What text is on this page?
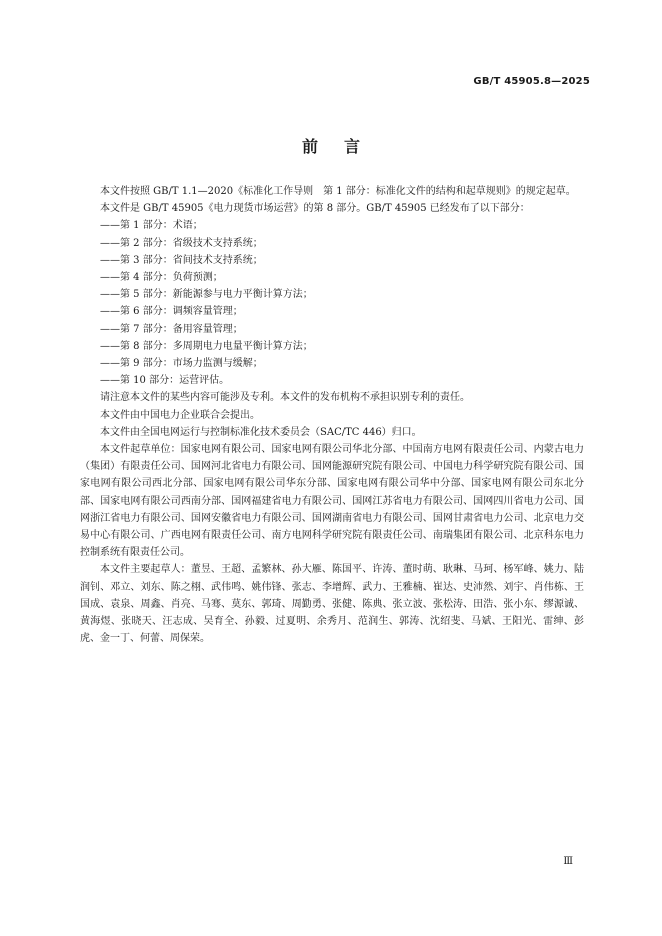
GB/T 45905.8—2025
前言

本文件按照 GB/T 1.1—2020《标准化工作导则　第 1 部分：标准化文件的结构和起草规则》的规定起草。

本文件是 GB/T 45905《电力现货市场运营》的第 8 部分。GB/T 45905 已经发布了以下部分：

——第 1 部分：术语；
——第 2 部分：省级技术支持系统；
——第 3 部分：省间技术支持系统；
——第 4 部分：负荷预测；
——第 5 部分：新能源参与电力平衡计算方法；
——第 6 部分：调频容量管理；
——第 7 部分：备用容量管理；
——第 8 部分：多周期电力电量平衡计算方法；
——第 9 部分：市场力监测与缓解；
——第 10 部分：运营评估。

请注意本文件的某些内容可能涉及专利。本文件的发布机构不承担识别专利的责任。

本文件由中国电力企业联合会提出。

本文件由全国电网运行与控制标准化技术委员会（SAC/TC 446）归口。

本文件起草单位：国家电网有限公司、国家电网有限公司华北分部、中国南方电网有限责任公司、内蒙古电力（集团）有限责任公司、国网河北省电力有限公司、国网能源研究院有限公司、中国电力科学研究院有限公司、国家电网有限公司西北分部、国家电网有限公司华东分部、国家电网有限公司华中分部、国家电网有限公司东北分部、国家电网有限公司西南分部、国网福建省电力有限公司、国网江苏省电力有限公司、国网四川省电力公司、国网浙江省电力有限公司、国网安徽省电力有限公司、国网湖南省电力有限公司、国网甘肃省电力公司、北京电力交易中心有限公司、广西电网有限责任公司、南方电网科学研究院有限责任公司、南瑞集团有限公司、北京科东电力控制系统有限责任公司。

本文件主要起草人：董昱、王超、孟繁林、孙大雁、陈国平、许涛、董时萌、耿琳、马珂、杨军峰、姚力、陆润钊、邓立、刘东、陈之栩、武伟鸣、姚伟锋、张志、李增辉、武力、王雅楠、崔达、史沛然、刘宇、肖伟栋、王国成、袁泉、周鑫、肖亮、马骞、莫东、郭琦、周勤勇、张健、陈典、张立波、张松涛、田浩、张小东、缪源诚、黄海煜、张晓天、汪志成、吴育全、孙毅、过夏明、余秀月、范润生、郭涛、沈绍斐、马斌、王阳光、雷绅、彭虎、金一丁、何蕾、周保荣。

Ⅲ
